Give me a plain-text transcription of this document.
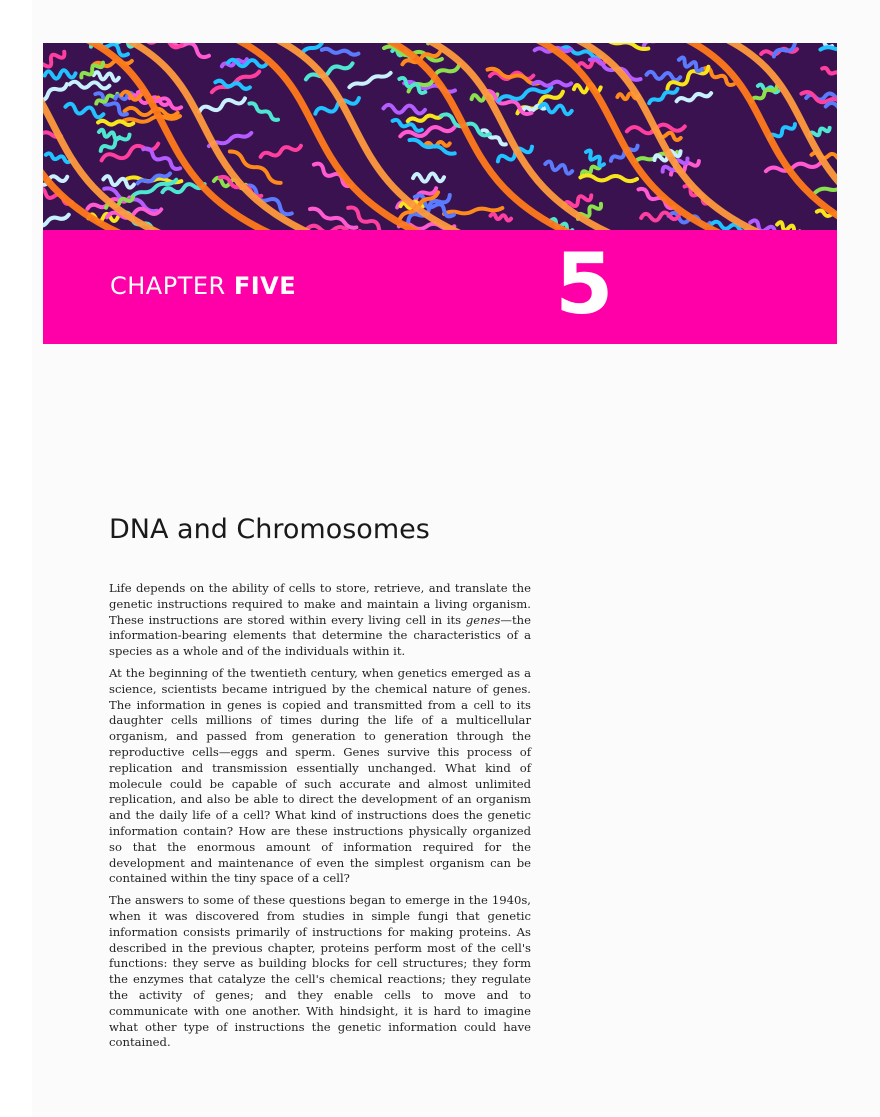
CHAPTER FIVE	5
DNA and Chromosomes

Life depends on the ability of cells to store, retrieve, and translate the genetic instructions required to make and maintain a living organism. These instructions are stored within every living cell in its genes—the information-bearing elements that determine the characteristics of a species as a whole and of the individuals within it.

At the beginning of the twentieth century, when genetics emerged as a science, scientists became intrigued by the chemical nature of genes. The information in genes is copied and transmitted from a cell to its daughter cells millions of times during the life of a multicellular organism, and passed from generation to generation through the reproductive cells—eggs and sperm. Genes survive this process of replication and transmission essentially unchanged. What kind of molecule could be capable of such accurate and almost unlimited replication, and also be able to direct the development of an organism and the daily life of a cell? What kind of instructions does the genetic information contain? How are these instructions physically organized so that the enormous amount of information required for the development and maintenance of even the simplest organism can be contained within the tiny space of a cell?

The answers to some of these questions began to emerge in the 1940s, when it was discovered from studies in simple fungi that genetic information consists primarily of instructions for making proteins. As described in the previous chapter, proteins perform most of the cell's functions: they serve as building blocks for cell structures; they form the enzymes that catalyze the cell's chemical reactions; they regulate the activity of genes; and they enable cells to move and to communicate with one another. With hindsight, it is hard to imagine what other type of instructions the genetic information could have contained.
